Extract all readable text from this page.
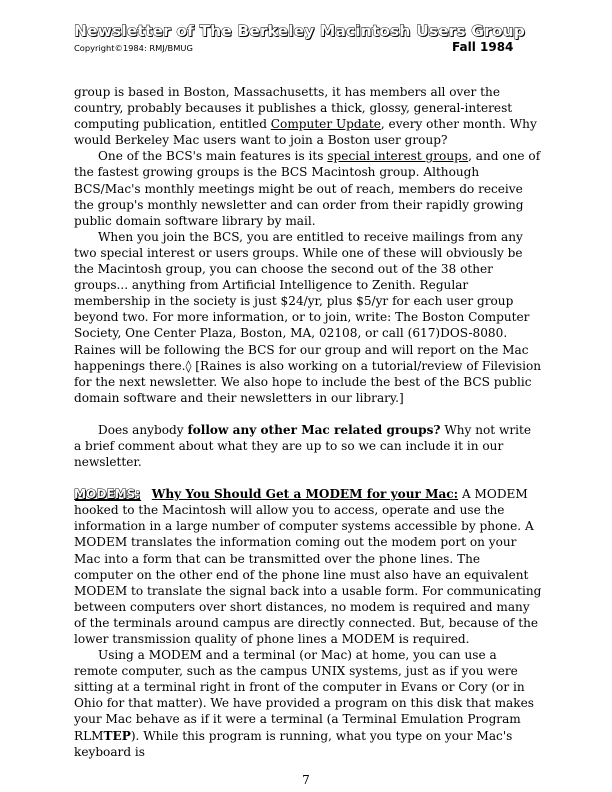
Newsletter of The Berkeley Macintosh Users Group
Copyright©1984: RMJ/BMUG	Fall 1984

group is based in Boston, Massachusetts, it has members all over the country, probably becauses it publishes a thick, glossy, general-interest computing publication, entitled Computer Update, every other month. Why would Berkeley Mac users want to join a Boston user group?

One of the BCS's main features is its special interest groups, and one of the fastest growing groups is the BCS Macintosh group. Although BCS/Mac's monthly meetings might be out of reach, members do receive the group's monthly newsletter and can order from their rapidly growing public domain software library by mail.

When you join the BCS, you are entitled to receive mailings from any two special interest or users groups. While one of these will obviously be the Macintosh group, you can choose the second out of the 38 other groups... anything from Artificial Intelligence to Zenith. Regular membership in the society is just $24/yr, plus $5/yr for each user group beyond two. For more information, or to join, write: The Boston Computer Society, One Center Plaza, Boston, MA, 02108, or call (617)DOS-8080. Raines will be following the BCS for our group and will report on the Mac happenings there.◊ [Raines is also working on a tutorial/review of Filevision for the next newsletter. We also hope to include the best of the BCS public domain software and their newsletters in our library.]

Does anybody follow any other Mac related groups? Why not write a brief comment about what they are up to so we can include it in our newsletter.

MODEMS: Why You Should Get a MODEM for your Mac: A MODEM hooked to the Macintosh will allow you to access, operate and use the information in a large number of computer systems accessible by phone. A MODEM translates the information coming out the modem port on your Mac into a form that can be transmitted over the phone lines. The computer on the other end of the phone line must also have an equivalent MODEM to translate the signal back into a usable form. For communicating between computers over short distances, no modem is required and many of the terminals around campus are directly connected. But, because of the lower transmission quality of phone lines a MODEM is required.

Using a MODEM and a terminal (or Mac) at home, you can use a remote computer, such as the campus UNIX systems, just as if you were sitting at a terminal right in front of the computer in Evans or Cory (or in Ohio for that matter). We have provided a program on this disk that makes your Mac behave as if it were a terminal (a Terminal Emulation Program RLMTEP). While this program is running, what you type on your Mac's keyboard is

7
